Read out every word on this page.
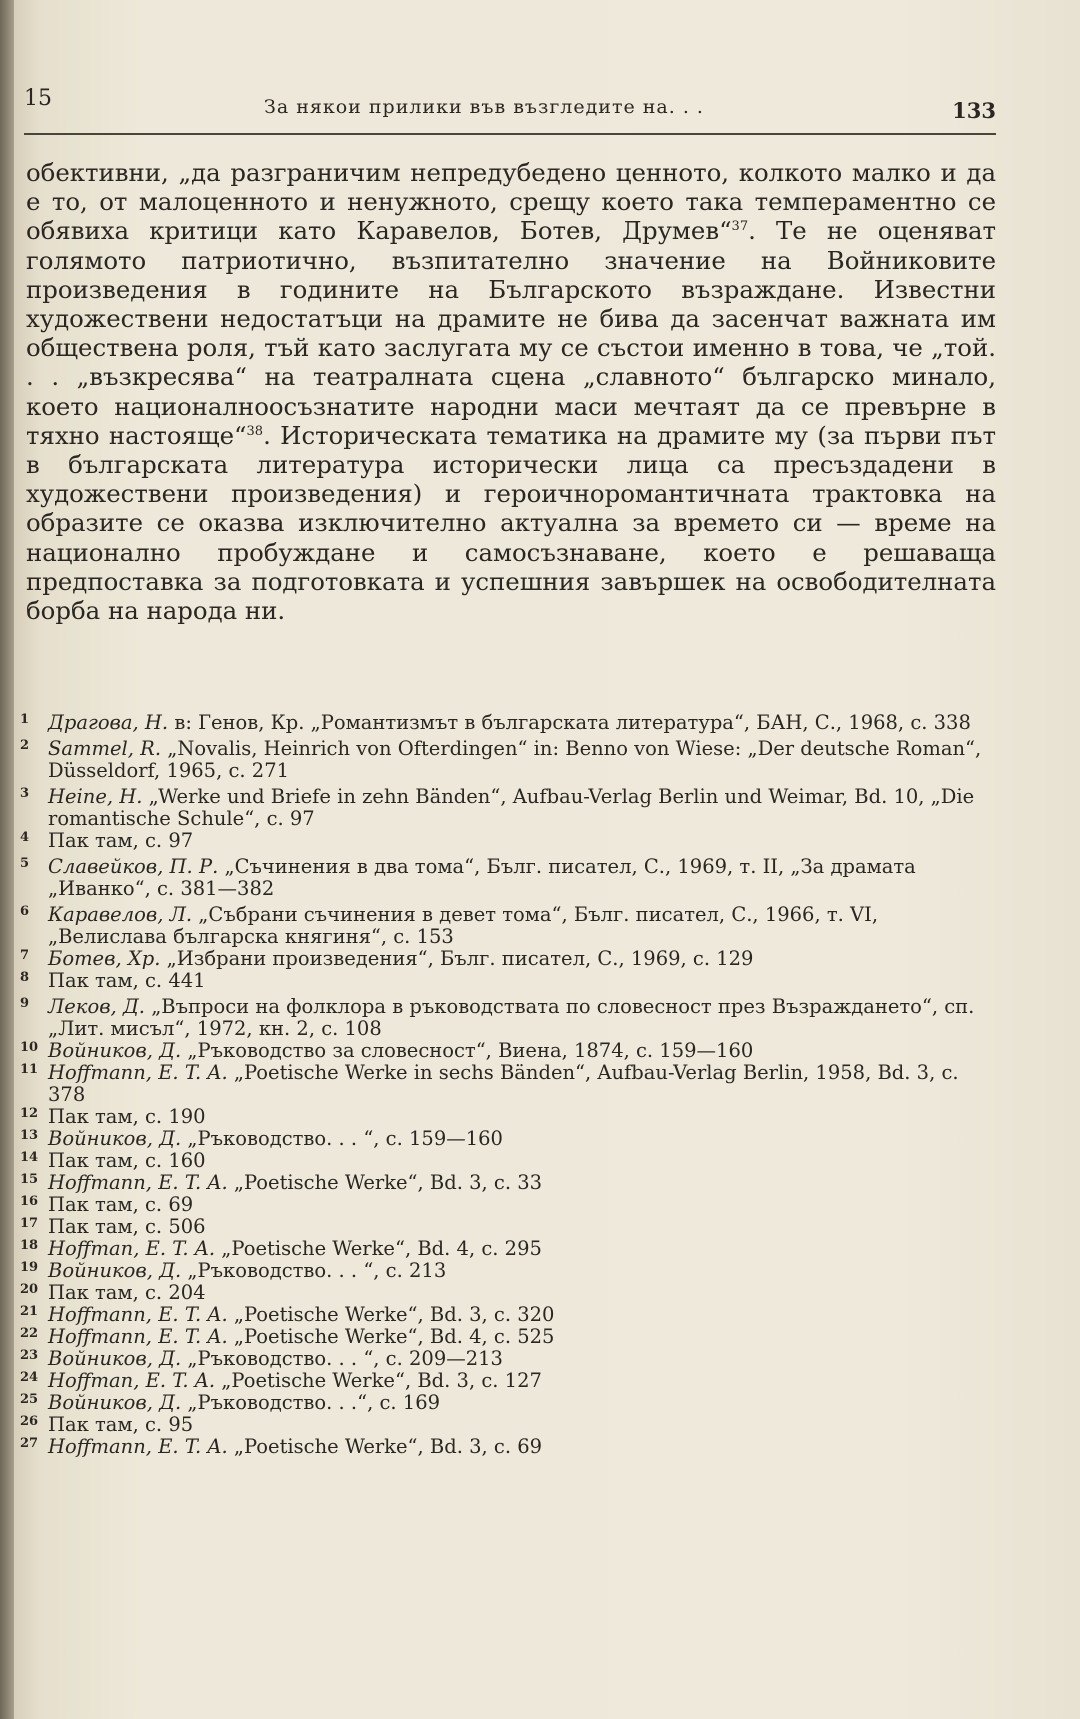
15	За някои прилики във възгледите на. . .	133

обективни, „да разграничим непредубедено ценното, колкото малко и да е то, от малоценното и ненужното, срещу което така темпераментно се обявиха критици като Каравелов, Ботев, Друмев“$^{37}$. Те не оценяват голямото патриотично, възпитателно значение на Войниковите произведения в годините на Българското възраждане. Известни художествени недостатъци на драмите не бива да засенчат важната им обществена роля, тъй като заслугата му се състои именно в това, че „той. . . „възкресява“ на театралната сцена „славното“ българско минало, което националноосъзнатите народни маси мечтаят да се превърне в тяхно настояще“$^{38}$. Историческата тематика на драмите му (за първи път в българската литература исторически лица са пресъздадени в художествени произведения) и героичноромантичната трактовка на образите се оказва изключително актуална за времето си — време на национално пробуждане и самосъзнаване, което е решаваща предпоставка за подготовката и успешния завършек на освободителната борба на народа ни.

1 Драгова, Н. в: Генов, Кр. „Романтизмът в българската литература“, БАН, С., 1968, с. 338
2 Sammel, R. „Novalis, Heinrich von Ofterdingen“ in: Benno von Wiese: „Der deutsche Roman“, Düsseldorf, 1965, c. 271
3 Heine, H. „Werke und Briefe in zehn Bänden“, Aufbau-Verlag Berlin und Weimar, Bd. 10, „Die romantische Schule“, c. 97
4 Пак там, с. 97
5 Славейков, П. Р. „Съчинения в два тома“, Бълг. писател, С., 1969, т. II, „За драмата „Иванко“, с. 381—382
6 Каравелов, Л. „Събрани съчинения в девет тома“, Бълг. писател, С., 1966, т. VI, „Велислава българска княгиня“, с. 153
7 Ботев, Хр. „Избрани произведения“, Бълг. писател, С., 1969, с. 129
8 Пак там, с. 441
9 Леков, Д. „Въпроси на фолклора в ръководствата по словесност през Възраждането“, сп. „Лит. мисъл“, 1972, кн. 2, с. 108
10 Войников, Д. „Ръководство за словесност“, Виена, 1874, с. 159—160
11 Hoffmann, E. T. A. „Poetische Werke in sechs Bänden“, Aufbau-Verlag Berlin, 1958, Bd. 3, c. 378
12 Пак там, с. 190
13 Войников, Д. „Ръководство. . . “, с. 159—160
14 Пак там, с. 160
15 Hoffmann, E. T. A. „Poetische Werke“, Bd. 3, c. 33
16 Пак там, с. 69
17 Пак там, с. 506
18 Hoffman, E. T. A. „Poetische Werke“, Bd. 4, c. 295
19 Войников, Д. „Ръководство. . . “, с. 213
20 Пак там, с. 204
21 Hoffmann, E. T. A. „Poetische Werke“, Bd. 3, c. 320
22 Hoffmann, E. T. A. „Poetische Werke“, Bd. 4, c. 525
23 Войников, Д. „Ръководство. . . “, с. 209—213
24 Hoffman, E. T. A. „Poetische Werke“, Bd. 3, c. 127
25 Войников, Д. „Ръководство. . .“, с. 169
26 Пак там, с. 95
27 Hoffmann, E. T. A. „Poetische Werke“, Bd. 3, c. 69
